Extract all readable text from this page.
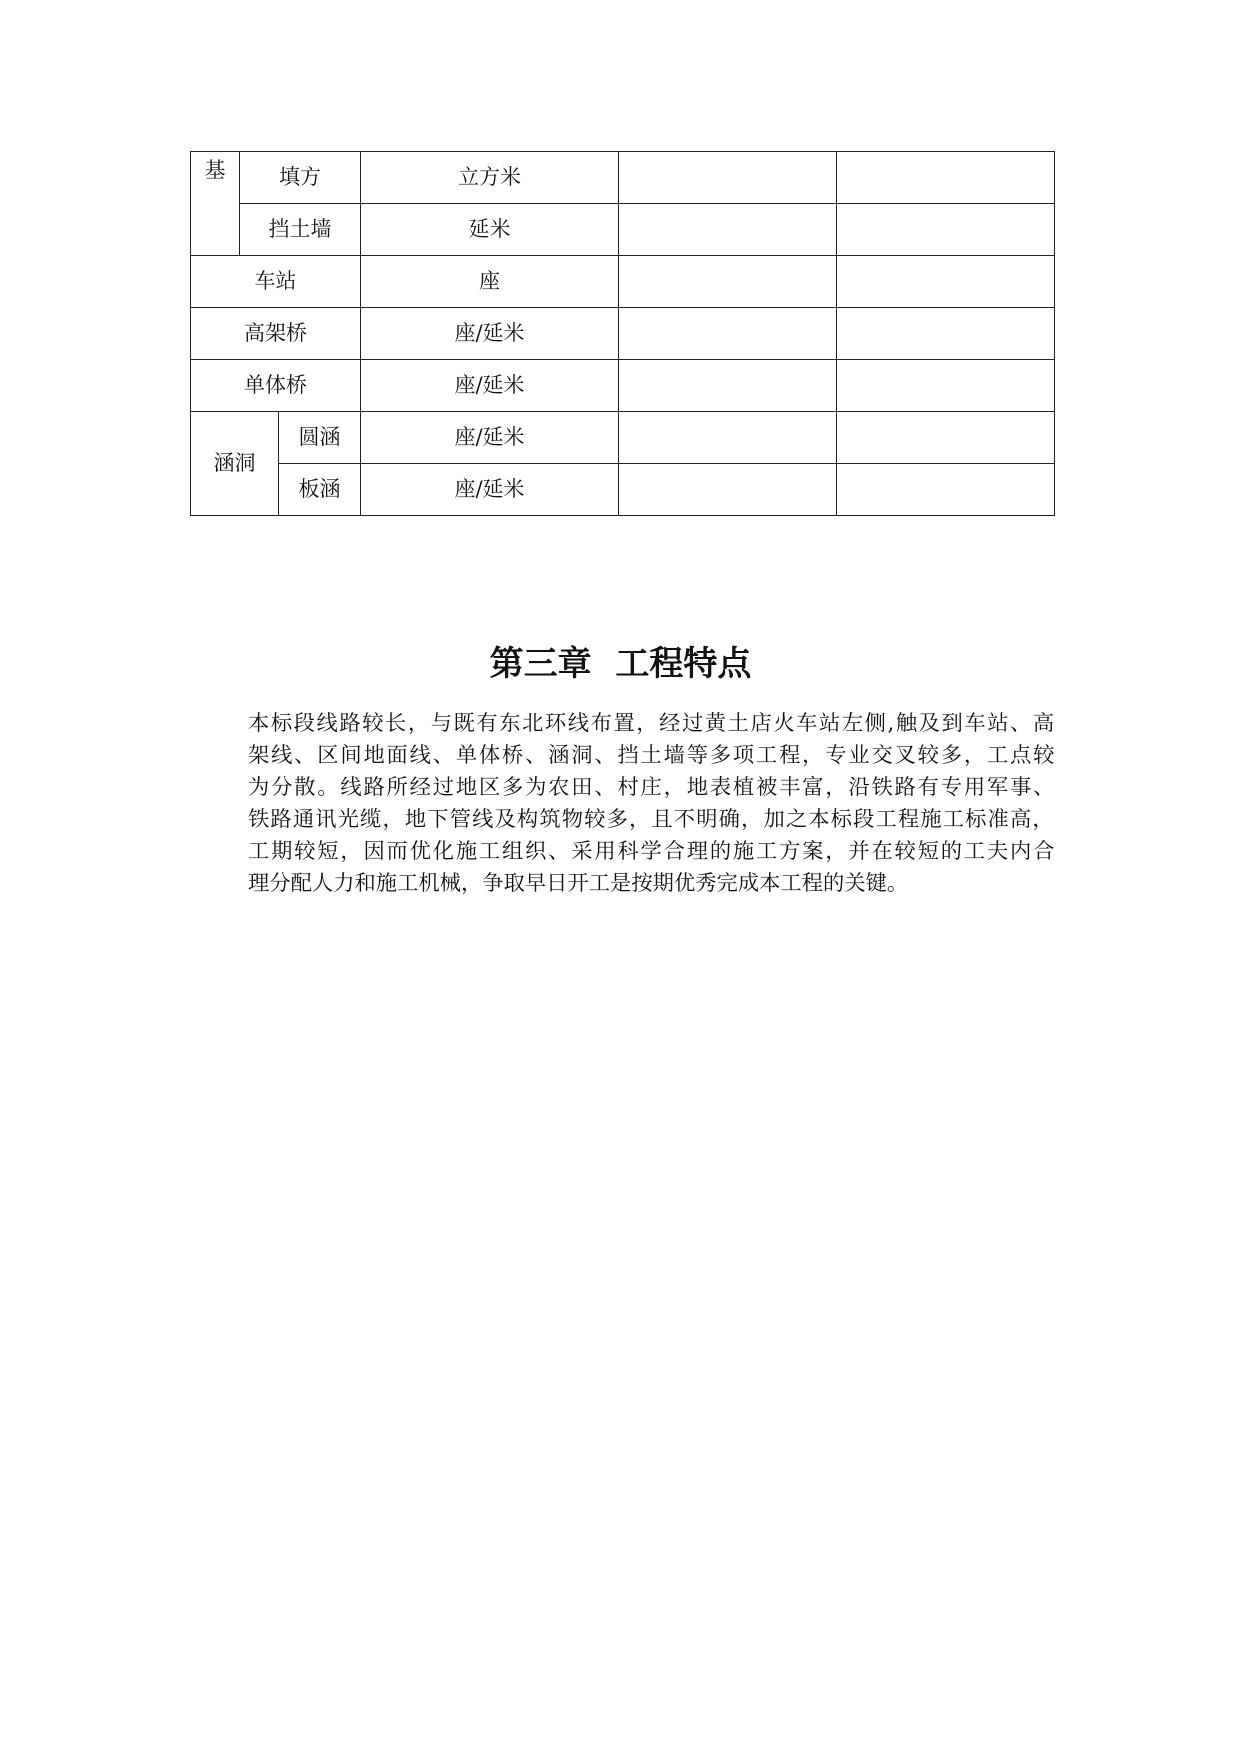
基	填方		立方米		
	挡土墙		延米		
车站			座		
高架桥			座/延米		
单体桥			座/延米		
涵洞		圆涵	座/延米		
		板涵	座/延米		
第三章  工程特点
本标段线路较长，与既有东北环线布置，经过黄土店火车站左侧,触及到车站、高
架线、区间地面线、单体桥、涵洞、挡土墙等多项工程，专业交叉较多，工点较
为分散。线路所经过地区多为农田、村庄，地表植被丰富，沿铁路有专用军事、
铁路通讯光缆，地下管线及构筑物较多，且不明确，加之本标段工程施工标准高，
工期较短，因而优化施工组织、采用科学合理的施工方案，并在较短的工夫内合
理分配人力和施工机械，争取早日开工是按期优秀完成本工程的关键。
